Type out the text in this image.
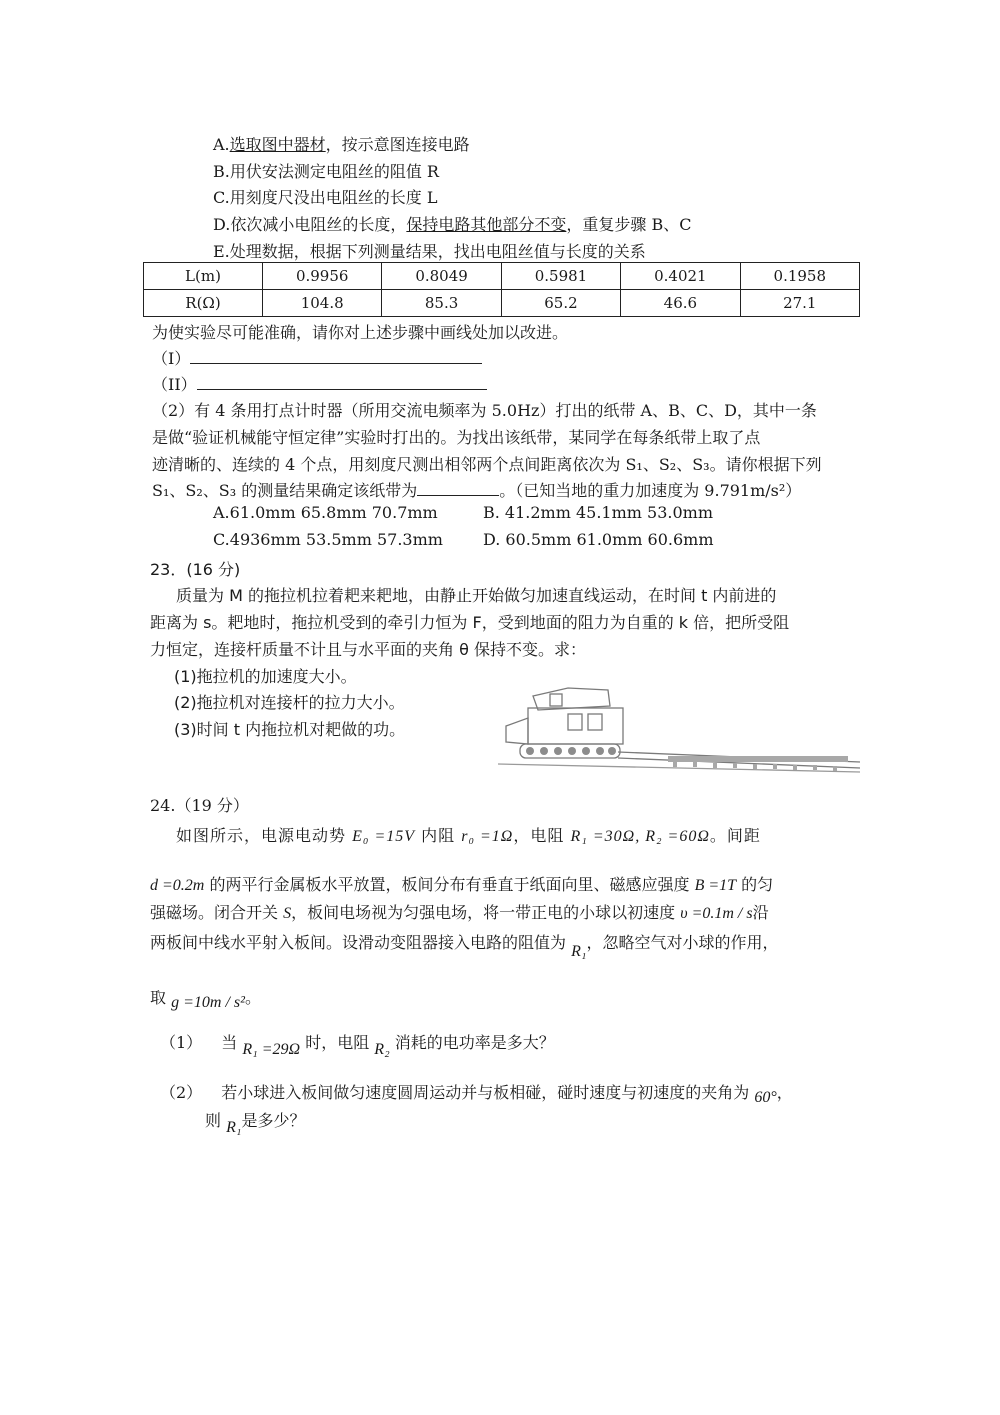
A.选取图中器材，按示意图连接电路
B.用伏安法测定电阻丝的阻值 R
C.用刻度尺没出电阻丝的长度 L
D.依次减小电阻丝的长度，保持电路其他部分不变，重复步骤 B、C
E.处理数据，根据下列测量结果，找出电阻丝值与长度的关系
L(m)	0.9956	0.8049	0.5981	0.4021	0.1958
R(Ω)	104.8	85.3	65.2	46.6	27.1
为使实验尽可能准确，请你对上述步骤中画线处加以改进。
（I）
（II）
（2）有 4 条用打点计时器（所用交流电频率为 5.0Hz）打出的纸带 A、B、C、D，其中一条
是做“验证机械能守恒定律”实验时打出的。为找出该纸带，某同学在每条纸带上取了点
迹清晰的、连续的 4 个点，用刻度尺测出相邻两个点间距离依次为 S₁、S₂、S₃。请你根据下列
S₁、S₂、S₃ 的测量结果确定该纸带为	。（已知当地的重力加速度为 9.791m/s²）
A.61.0mm 65.8mm 70.7mm	B. 41.2mm 45.1mm 53.0mm
C.4936mm 53.5mm 57.3mm	D. 60.5mm 61.0mm 60.6mm
23．(16 分)
质量为 M 的拖拉机拉着耙来耙地，由静止开始做匀加速直线运动，在时间 t 内前进的
距离为 s。耙地时，拖拉机受到的牵引力恒为 F，受到地面的阻力为自重的 k 倍，把所受阻
力恒定，连接杆质量不计且与水平面的夹角 θ 保持不变。求：
(1)拖拉机的加速度大小。
(2)拖拉机对连接杆的拉力大小。
(3)时间 t 内拖拉机对耙做的功。
24.（19 分）
如图所示，电源电动势 E₀ =15V 内阻 r₀ =1Ω，电阻 R₁ =30Ω, R₂ =60Ω。间距
d =0.2m 的两平行金属板水平放置，板间分布有垂直于纸面向里、磁感应强度 B =1T 的匀
强磁场。闭合开关 S，板间电场视为匀强电场，将一带正电的小球以初速度 υ =0.1m / s沿
两板间中线水平射入板间。设滑动变阻器接入电路的阻值为 R₁，忽略空气对小球的作用，
取 g =10m / s²。
（1） 当 R₁ =29Ω 时，电阻 R₂ 消耗的电功率是多大？
（2） 若小球进入板间做匀速度圆周运动并与板相碰，碰时速度与初速度的夹角为 60°，
则 R₁是多少？
